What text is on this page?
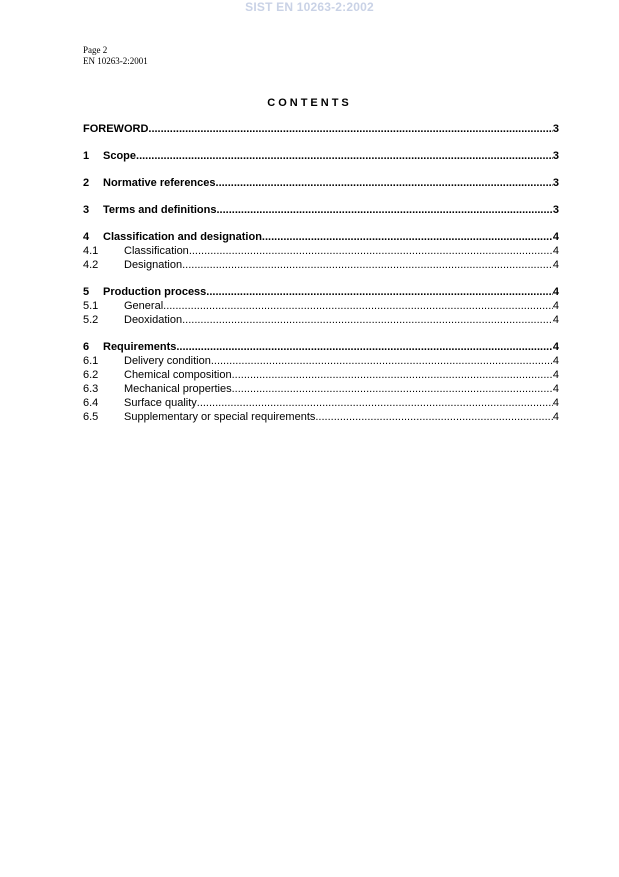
SIST EN 10263-2:2002
Page 2
EN 10263-2:2001
CONTENTS
FOREWORD .....	3
1	Scope .....	3
2	Normative references .....	3
3	Terms and definitions .....	3
4	Classification and designation .....	4
4.1	Classification .....	4
4.2	Designation .....	4
5	Production process .....	4
5.1	General .....	4
5.2	Deoxidation .....	4
6	Requirements .....	4
6.1	Delivery condition .....	4
6.2	Chemical composition .....	4
6.3	Mechanical properties .....	4
6.4	Surface quality .....	4
6.5	Supplementary or special requirements .....	4
